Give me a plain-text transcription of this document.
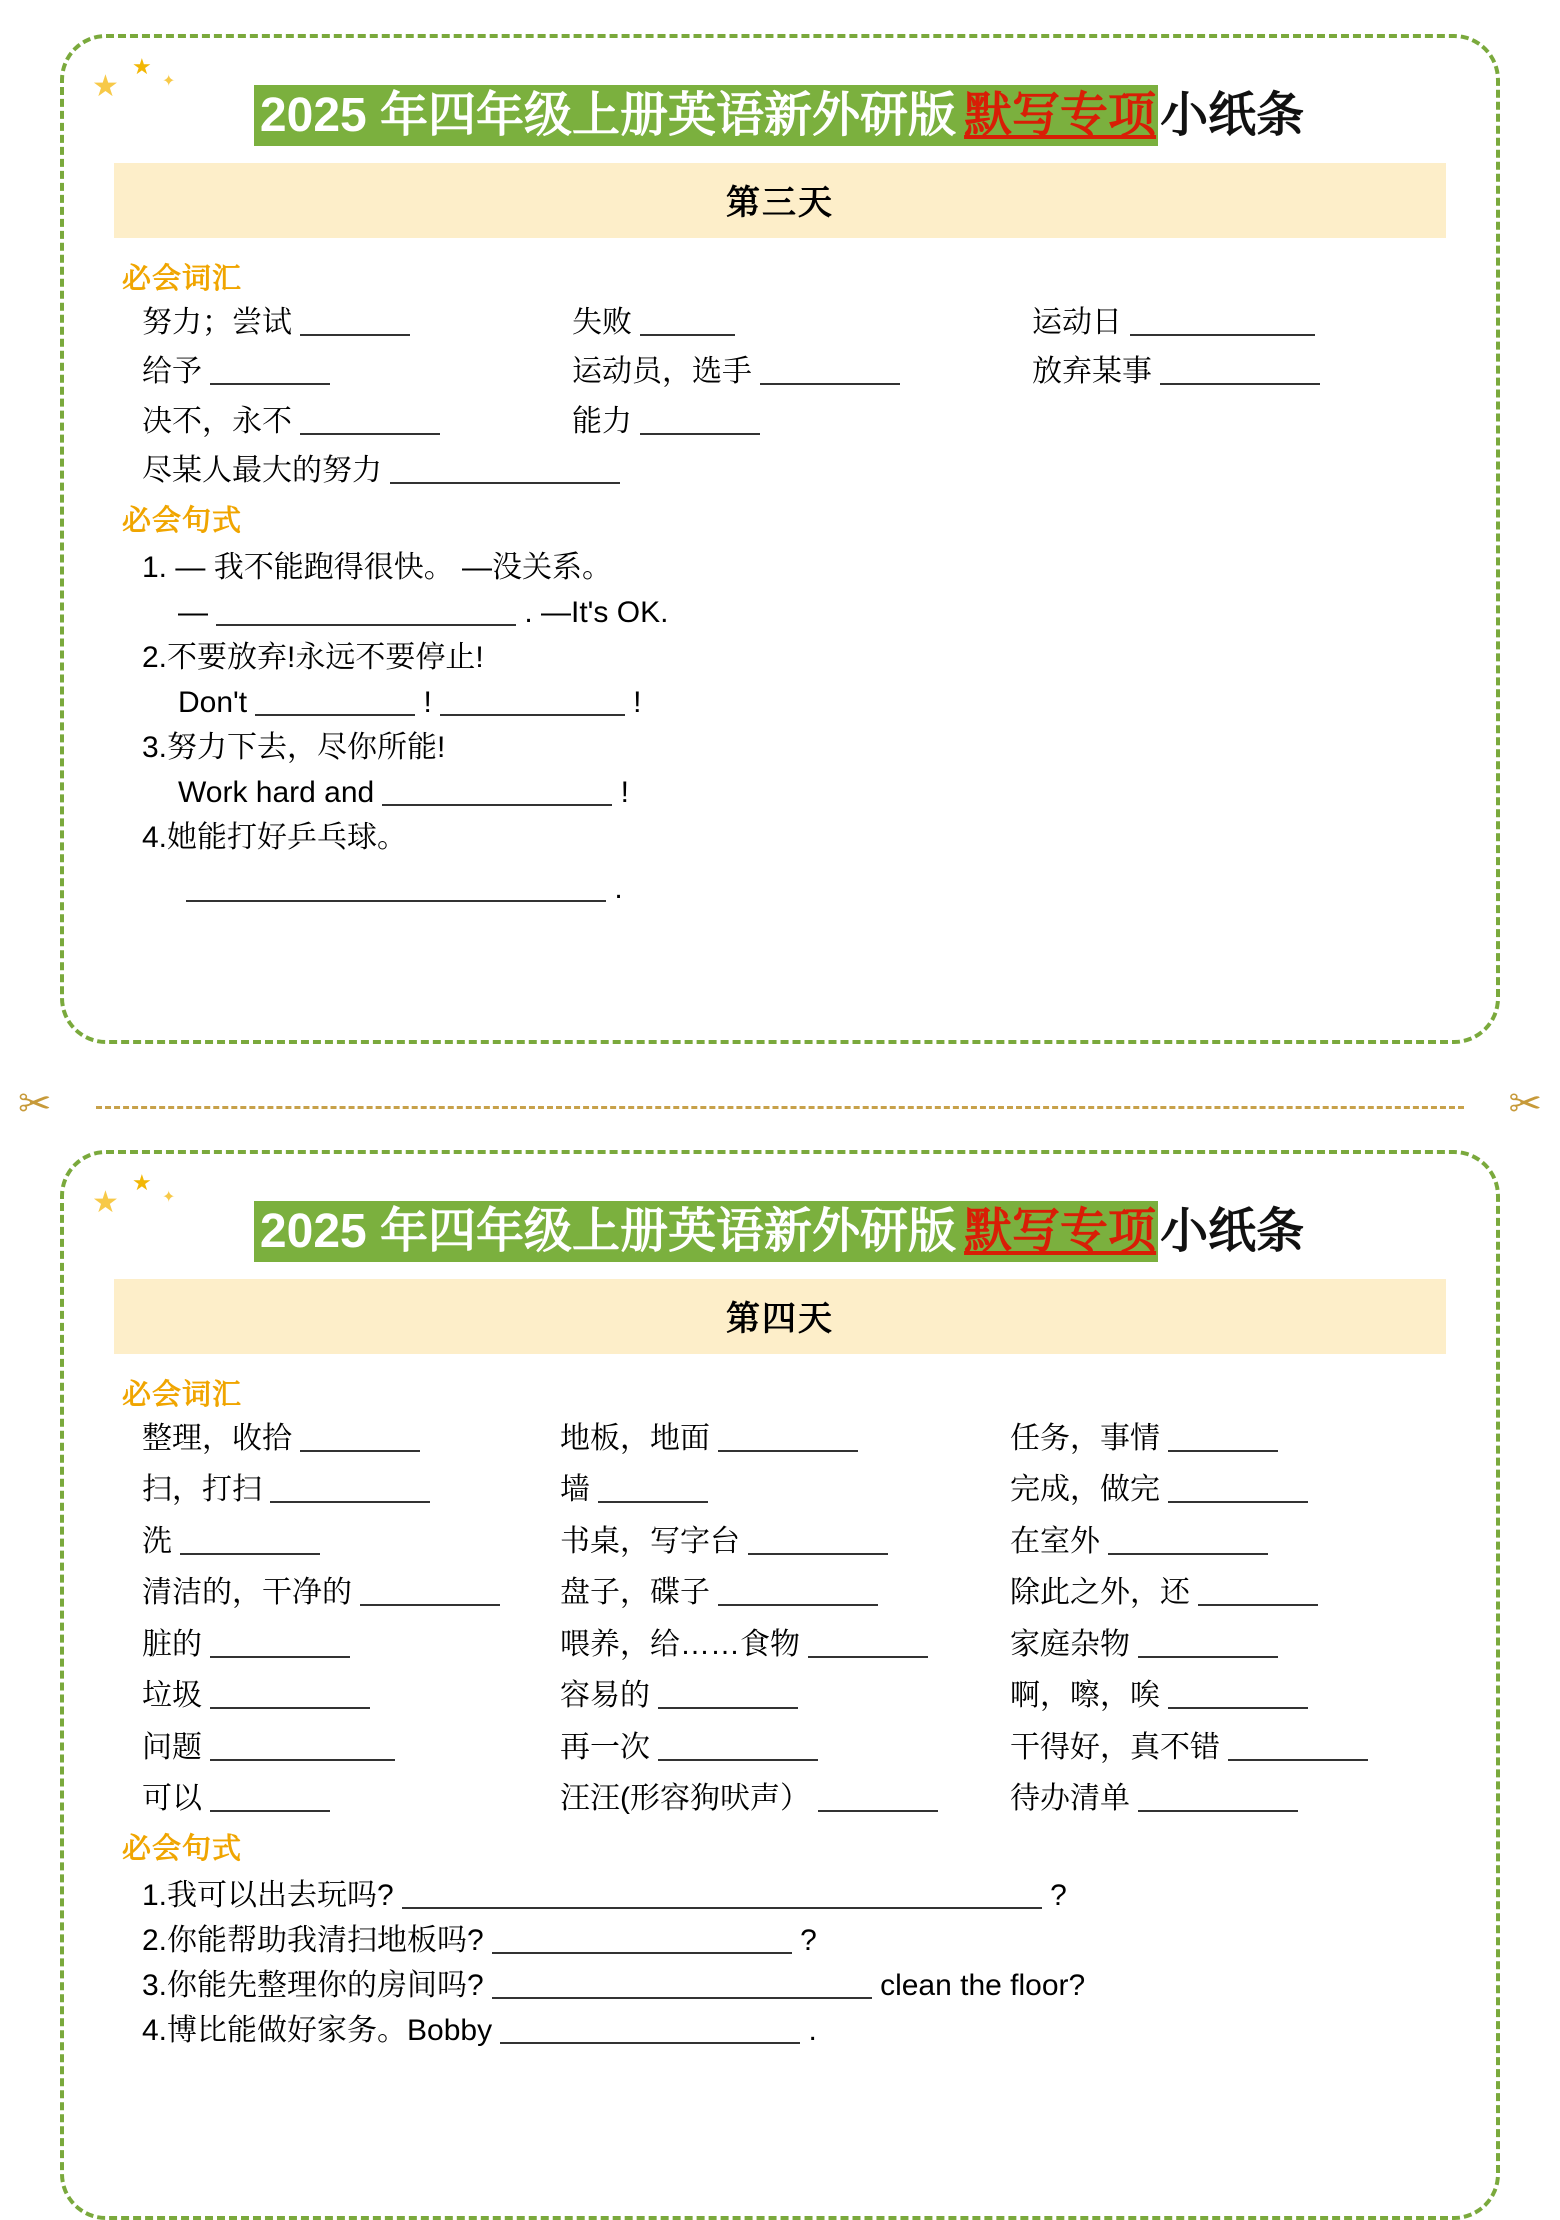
★
★
✦
2025 年四年级上册英语新外研版 默写专项小纸条
第三天
必会词汇
努力；尝试	失败	运动日
给予	运动员，选手	放弃某事
决不，永不	能力
尽某人最大的努力
必会句式
1. — 我不能跑得很快。 —没关系。
—	. —It's OK.
2.不要放弃!永远不要停止!
Don't	!	!
3.努力下去，尽你所能!
Work hard and	!
4.她能打好乒乓球。
.
✂	✂
★
★
✦
2025 年四年级上册英语新外研版 默写专项小纸条
第四天
必会词汇
整理，收拾	地板，地面	任务，事情
扫，打扫	墙	完成，做完
洗	书桌，写字台	在室外
清洁的，干净的	盘子，碟子	除此之外，还
脏的	喂养，给……食物	家庭杂物
垃圾	容易的	啊，嚓，唉
问题	再一次	干得好，真不错
可以	汪汪(形容狗吠声）	待办清单
必会句式
1.我可以出去玩吗?	?
2.你能帮助我清扫地板吗?	?
3.你能先整理你的房间吗?	clean the floor?
4.博比能做好家务。Bobby	.
